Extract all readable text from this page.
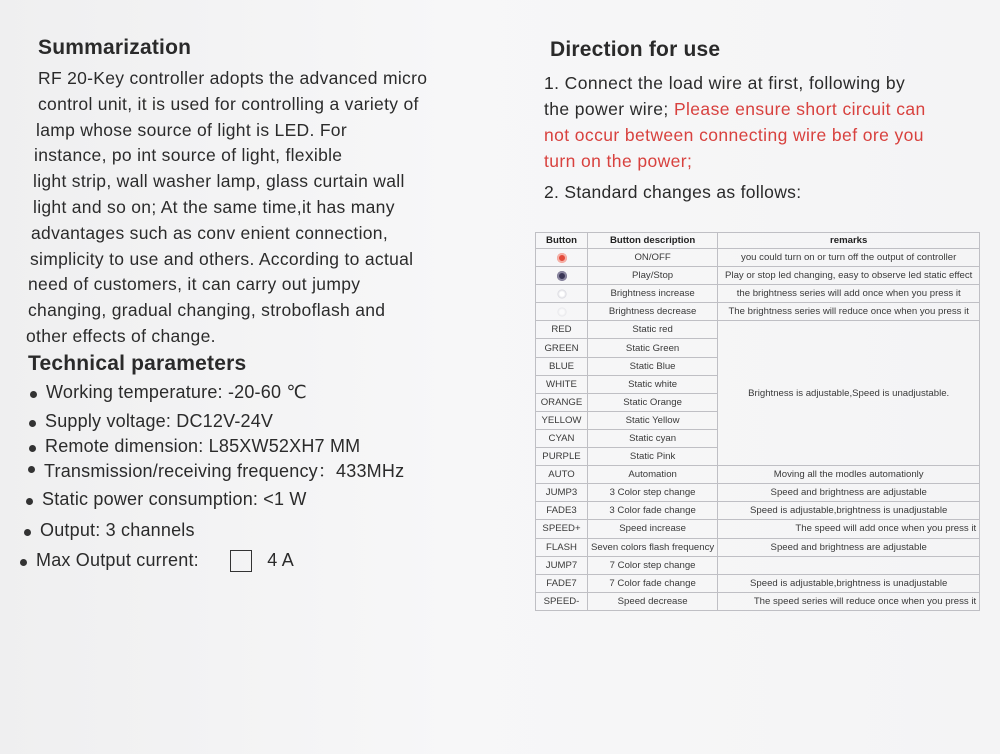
Summarization
RF 20-Key controller adopts the advanced micro
control unit, it is used for controlling a variety of
lamp whose source of light is LED. For
instance, po int source of light, flexible
light strip, wall washer lamp, glass curtain wall
light and so on; At the same time,it has many
advantages such as conv enient connection,
simplicity to use and others. According to actual
need of customers, it can carry out jumpy
changing, gradual changing, stroboflash and
other effects of change.
Technical parameters
Working temperature: -20-60 ℃
Supply voltage: DC12V-24V
Remote dimension: L85XW52XH7 MM
Transmission/receiving frequency：433MHz
Static power consumption: <1 W
Output: 3 channels
Max Output current:	4 A
Direction for use
1. Connect the load wire at first, following by
the power wire; Please ensure short circuit can
not occur between connecting wire bef ore you
turn on the power;
2. Standard changes as follows:
Button	Button description	remarks
	ON/OFF	you could turn on or turn off the output of controller
	Play/Stop	Play or stop led changing, easy to observe led static effect
	Brightness increase	the brightness series will add once when you press it
	Brightness decrease	The brightness series will reduce once when you press it
RED	Static red	Brightness is adjustable,Speed is unadjustable.
GREEN	Static Green	
BLUE	Static Blue	
WHITE	Static white	
ORANGE	Static Orange	
YELLOW	Static Yellow	
CYAN	Static cyan	
PURPLE	Static Pink	
AUTO	Automation	Moving all the modles automationly
JUMP3	3 Color step change	Speed and brightness are adjustable
FADE3	3 Color fade change	Speed is adjustable,brightness is unadjustable
SPEED+	Speed increase	The speed will add once when you press it
FLASH	Seven colors flash frequency	Speed and brightness are adjustable
JUMP7	7 Color step change	
FADE7	7 Color fade change	Speed is adjustable,brightness is unadjustable
SPEED-	Speed decrease	The speed series will reduce once when you press it
